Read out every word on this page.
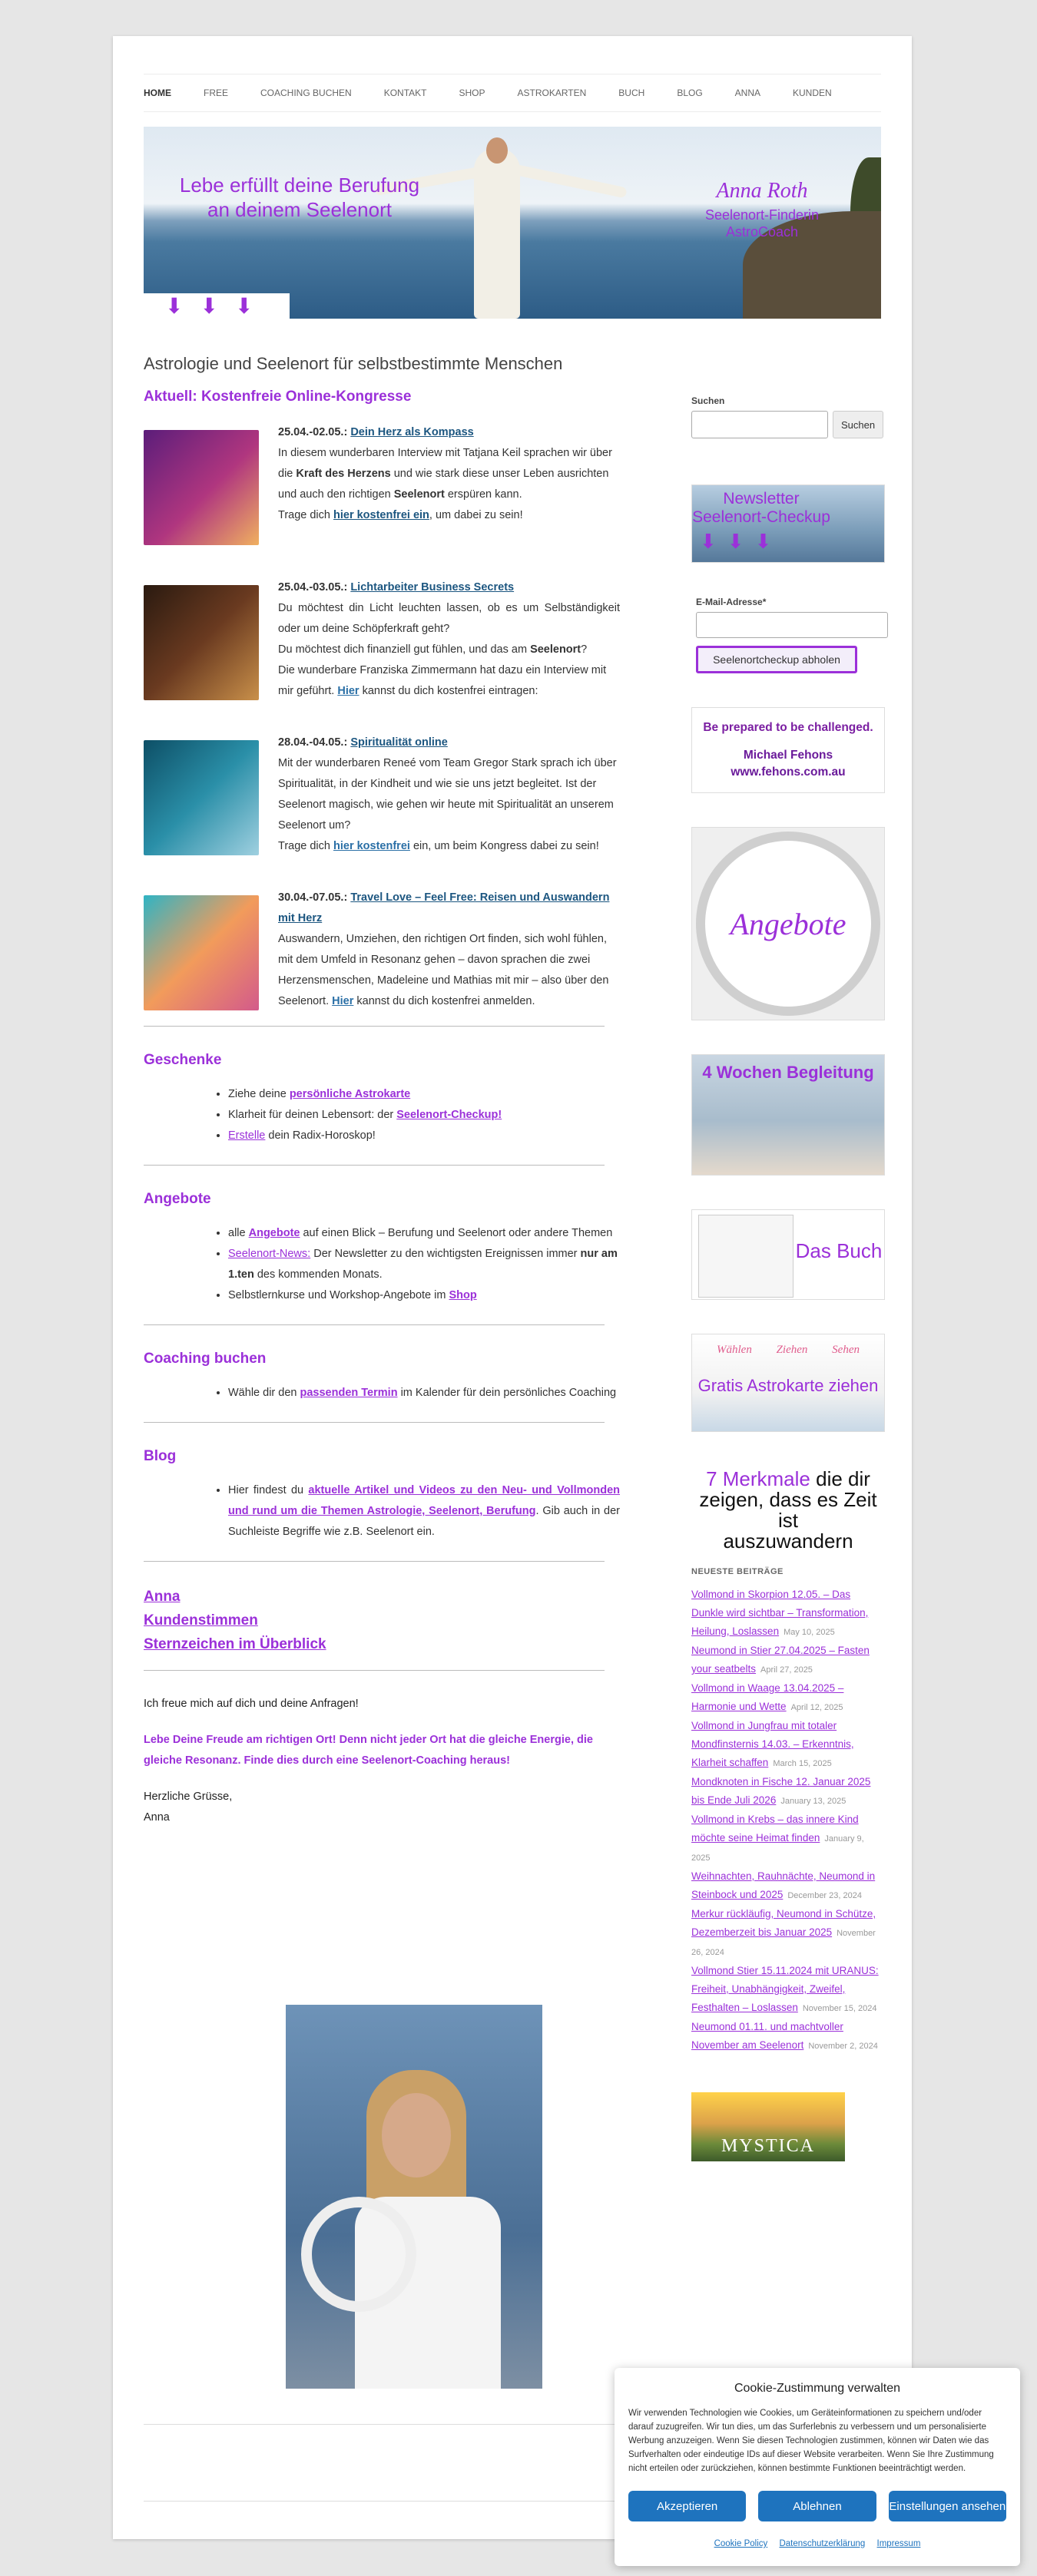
HOME	FREE	COACHING BUCHEN	KONTAKT	SHOP	ASTROKARTEN	BUCH	BLOG	ANNA	KUNDEN
Lebe erfüllt deine Berufung
an deinem Seelenort
Anna Roth
Seelenort-Finderin
AstroCoach
⬇ ⬇ ⬇
Astrologie und Seelenort für selbstbestimmte Menschen
Aktuell: Kostenfreie Online-Kongresse
25.04.-02.05.: Dein Herz als Kompass
In diesem wunderbaren Interview mit Tatjana Keil sprachen wir über die Kraft des Herzens und wie stark diese unser Leben ausrichten und auch den richtigen Seelenort erspüren kann.
Trage dich hier kostenfrei ein, um dabei zu sein!
25.04.-03.05.: Lichtarbeiter Business Secrets
Du möchtest din Licht leuchten lassen, ob es um Selbständigkeit oder um deine Schöpferkraft geht?
Du möchtest dich finanziell gut fühlen, und das am Seelenort?
Die wunderbare Franziska Zimmermann hat dazu ein Interview mit mir geführt. Hier kannst du dich kostenfrei eintragen:
28.04.-04.05.: Spiritualität online
Mit der wunderbaren Reneé vom Team Gregor Stark sprach ich über Spiritualität, in der Kindheit und wie sie uns jetzt begleitet. Ist der Seelenort magisch, wie gehen wir heute mit Spiritualität an unserem Seelenort um?
Trage dich hier kostenfrei ein, um beim Kongress dabei zu sein!
30.04.-07.05.: Travel Love – Feel Free: Reisen und Auswandern mit Herz
Auswandern, Umziehen, den richtigen Ort finden, sich wohl fühlen, mit dem Umfeld in Resonanz gehen – davon sprachen die zwei Herzensmenschen, Madeleine und Mathias mit mir – also über den Seelenort. Hier kannst du dich kostenfrei anmelden.
Geschenke
• Ziehe deine persönliche Astrokarte
• Klarheit für deinen Lebensort: der Seelenort-Checkup!
• Erstelle dein Radix-Horoskop!
Angebote
• alle Angebote auf einen Blick – Berufung und Seelenort oder andere Themen
• Seelenort-News: Der Newsletter zu den wichtigsten Ereignissen immer nur am 1.ten des kommenden Monats.
• Selbstlernkurse und Workshop-Angebote im Shop
Coaching buchen
• Wähle dir den passenden Termin im Kalender für dein persönliches Coaching
Blog
• Hier findest du aktuelle Artikel und Videos zu den Neu- und Vollmonden und rund um die Themen Astrologie, Seelenort, Berufung. Gib auch in der Suchleiste Begriffe wie z.B. Seelenort ein.
Anna
Kundenstimmen
Sternzeichen im Überblick

Ich freue mich auf dich und deine Anfragen!

Lebe Deine Freude am richtigen Ort! Denn nicht jeder Ort hat die gleiche Energie, die gleiche Resonanz. Finde dies durch eine Seelenort-Coaching heraus!

Herzliche Grüsse,

Anna

Suchen
Suchen
Newsletter
Seelenort-Checkup
⬇⬇⬇
E-Mail-Adresse*
Seelenortcheckup abholen
Be prepared to be challenged.
Michael Fehons
www.fehons.com.au
Angebote
4 Wochen Begleitung
Das Buch
Wählen Ziehen Sehen
Gratis Astrokarte ziehen
7 Merkmale die dir
zeigen, dass es Zeit ist
auszuwandern
NEUESTE BEITRÄGE
Vollmond in Skorpion 12.05. – Das Dunkle wird sichtbar – Transformation, Heilung, Loslassen May 10, 2025
Neumond in Stier 27.04.2025 – Fasten your seatbelts April 27, 2025
Vollmond in Waage 13.04.2025 – Harmonie und Wette April 12, 2025
Vollmond in Jungfrau mit totaler Mondfinsternis 14.03. – Erkenntnis, Klarheit schaffen March 15, 2025
Mondknoten in Fische 12. Januar 2025 bis Ende Juli 2026 January 13, 2025
Vollmond in Krebs – das innere Kind möchte seine Heimat finden January 9, 2025
Weihnachten, Rauhnächte, Neumond in Steinbock und 2025 December 23, 2024
Merkur rückläufig, Neumond in Schütze, Dezemberzeit bis Januar 2025 November 26, 2024
Vollmond Stier 15.11.2024 mit URANUS: Freiheit, Unabhängigkeit, Zweifel, Festhalten – Loslassen November 15, 2024
Neumond 01.11. und machtvoller November am Seelenort November 2, 2024
MYSTICA
Cookie-Zustimmung verwalten

Wir verwenden Technologien wie Cookies, um Geräteinformationen zu speichern und/oder darauf zuzugreifen. Wir tun dies, um das Surferlebnis zu verbessern und um personalisierte Werbung anzuzeigen. Wenn Sie diesen Technologien zustimmen, können wir Daten wie das Surfverhalten oder eindeutige IDs auf dieser Website verarbeiten. Wenn Sie Ihre Zustimmung nicht erteilen oder zurückziehen, können bestimmte Funktionen beeinträchtigt werden.

Akzeptieren	Ablehnen	Einstellungen ansehen
Cookie Policy Datenschutzerklärung Impressum
